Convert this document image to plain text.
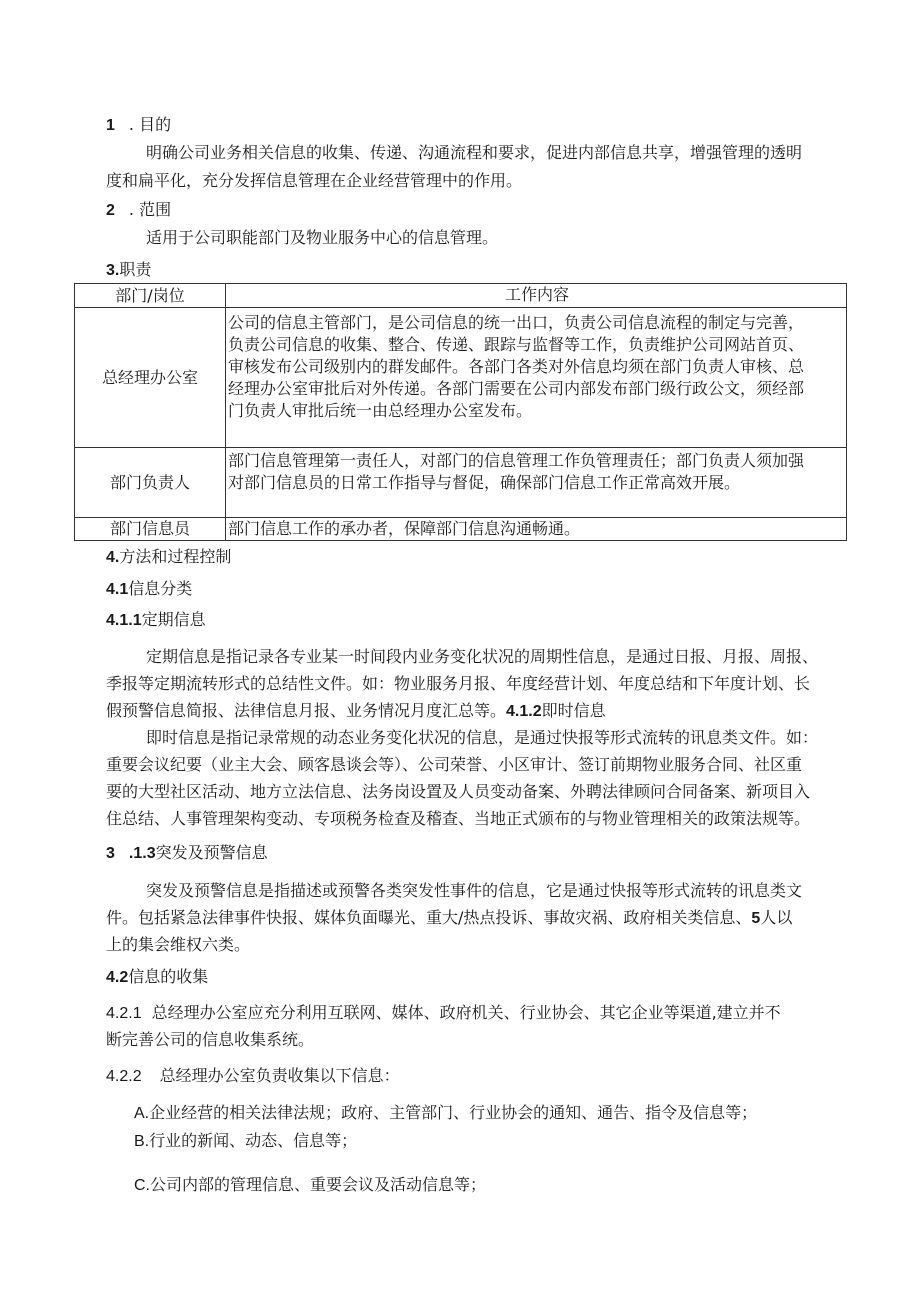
1 . 目的
明确公司业务相关信息的收集、传递、沟通流程和要求，促进内部信息共享，增强管理的透明
度和扁平化，充分发挥信息管理在企业经营管理中的作用。
2 . 范围
适用于公司职能部门及物业服务中心的信息管理。
3.职责
部门/岗位	工作内容
总经理办公室	公司的信息主管部门，是公司信息的统一出口，负责公司信息流程的制定与完善，
负责公司信息的收集、整合、传递、跟踪与监督等工作，负责维护公司网站首页、
审核发布公司级别内的群发邮件。各部门各类对外信息均须在部门负责人审核、总
经理办公室审批后对外传递。各部门需要在公司内部发布部门级行政公文，须经部
门负责人审批后统一由总经理办公室发布。

部门负责人	部门信息管理第一责任人，对部门的信息管理工作负管理责任；部门负责人须加强
对部门信息员的日常工作指导与督促，确保部门信息工作正常高效开展。

部门信息员	部门信息工作的承办者，保障部门信息沟通畅通。
4.方法和过程控制
4.1信息分类
4.1.1定期信息
定期信息是指记录各专业某一时间段内业务变化状况的周期性信息，是通过日报、月报、周报、
季报等定期流转形式的总结性文件。如：物业服务月报、年度经营计划、年度总结和下年度计划、长
假预警信息简报、法律信息月报、业务情况月度汇总等。4.1.2即时信息
即时信息是指记录常规的动态业务变化状况的信息，是通过快报等形式流转的讯息类文件。如：
重要会议纪要（业主大会、顾客恳谈会等）、公司荣誉、小区审计、签订前期物业服务合同、社区重
要的大型社区活动、地方立法信息、法务岗设置及人员变动备案、外聘法律顾问合同备案、新项目入
住总结、人事管理架构变动、专项税务检查及稽查、当地正式颁布的与物业管理相关的政策法规等。
3 .1.3突发及预警信息
突发及预警信息是指描述或预警各类突发性事件的信息，它是通过快报等形式流转的讯息类文
件。包括紧急法律事件快报、媒体负面曝光、重大/热点投诉、事故灾祸、政府相关类信息、5人以
上的集会维权六类。
4.2信息的收集
4.2.1 总经理办公室应充分利用互联网、媒体、政府机关、行业协会、其它企业等渠道,建立并不
断完善公司的信息收集系统。
4.2.2 总经理办公室负责收集以下信息：
A.企业经营的相关法律法规；政府、主管部门、行业协会的通知、通告、指令及信息等；
B.行业的新闻、动态、信息等；
C.公司内部的管理信息、重要会议及活动信息等；
